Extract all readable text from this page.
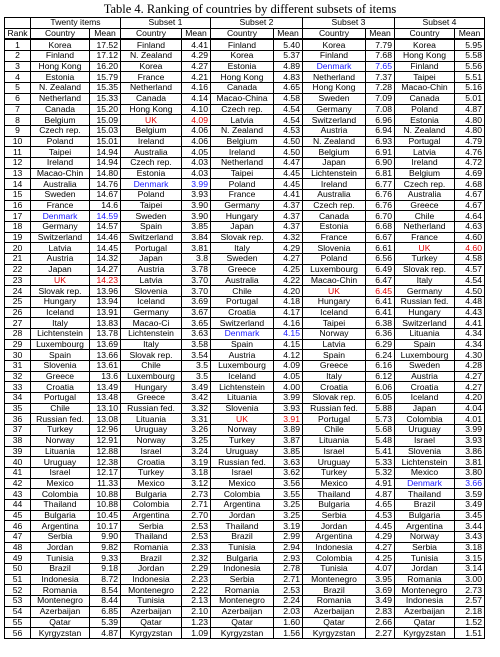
Table 4. Ranking of countries by different subsets of items
	Twenty items		Subset 1		Subset 2		Subset 3		Subset 4	
Rank	Country	Mean	Country	Mean	Country	Mean	Country	Mean	Country	Mean
1	Korea	17.52	Finland	4.41	Finland	5.40	Korea	7.79	Korea	5.95
2	Finland	17.12	N. Zealand	4.29	Korea	5.37	Finland	7.68	Hong Kong	5.58
3	Hong Kong	16.20	Korea	4.27	Estonia	4.89	Denmark	7.65	Finland	5.56
4	Estonia	15.79	France	4.21	Hong Kong	4.83	Netherland	7.37	Taipei	5.51
5	N. Zealand	15.35	Netherland	4.16	Canada	4.65	Hong Kong	7.28	Macao-Chin	5.16
6	Netherland	15.33	Canada	4.14	Macao-China	4.58	Sweden	7.09	Canada	5.01
7	Canada	15.20	Hong Kong	4.10	Czech rep.	4.54	Germany	7.08	Poland	4.87
8	Belgium	15.09	UK	4.09	Latvia	4.54	Switzerland	6.96	Estonia	4.80
9	Czech rep.	15.03	Belgium	4.06	N. Zealand	4.53	Austria	6.94	N. Zealand	4.80
10	Poland	15.01	Ireland	4.06	Belgium	4.50	N. Zealand	6.93	Portugal	4.79
11	Taipei	14.94	Australia	4.05	Ireland	4.50	Belgium	6.91	Latvia	4.76
12	Ireland	14.94	Czech rep.	4.03	Netherland	4.47	Japan	6.90	Ireland	4.72
13	Macao-Chin	14.80	Estonia	4.03	Taipei	4.45	Lichtenstein	6.81	Belgium	4.69
14	Australia	14.76	Denmark	3.99	Poland	4.45	Ireland	6.77	Czech rep.	4.68
15	Sweden	14.67	Poland	3.93	France	4.41	Australia	6.76	Australia	4.67
16	France	14.6	Taipei	3.90	Germany	4.37	Czech rep.	6.76	Greece	4.67
17	Denmark	14.59	Sweden	3.90	Hungary	4.37	Canada	6.70	Chile	4.64
18	Germany	14.57	Spain	3.85	Japan	4.37	Estonia	6.68	Netherland	4.63
19	Switzerland	14.46	Switzerland	3.84	Slovak rep.	4.32	France	6.67	France	4.60
20	Latvia	14.45	Portugal	3.81	Italy	4.29	Slovenia	6.61	UK	4.60
21	Austria	14.32	Japan	3.8	Sweden	4.27	Poland	6.56	Turkey	4.58
22	Japan	14.27	Austria	3.78	Greece	4.25	Luxembourg	6.49	Slovak rep.	4.57
23	UK	14.23	Latvia	3.70	Australia	4.22	Macao-Chin	6.47	Italy	4.54
24	Slovak rep.	13.96	Slovenia	3.70	Chile	4.20	UK	6.45	Germany	4.50
25	Hungary	13.94	Iceland	3.69	Portugal	4.18	Hungary	6.41	Russian fed.	4.48
26	Iceland	13.91	Germany	3.67	Croatia	4.17	Iceland	6.41	Hungary	4.43
27	Italy	13.83	Macao-Ci	3.65	Switzerland	4.16	Taipei	6.38	Switzerland	4.41
28	Lichtenstein	13.78	Lichtenstein	3.63	Denmark	4.15	Norway	6.36	Lituania	4.34
29	Luxembourg	13.69	Italy	3.58	Spain	4.15	Latvia	6.29	Spain	4.34
30	Spain	13.66	Slovak rep.	3.54	Austria	4.12	Spain	6.24	Luxembourg	4.30
31	Slovenia	13.61	Chile	3.5	Luxembourg	4.09	Greece	6.16	Sweden	4.28
32	Greece	13.6	Luxembourg	3.5	Iceland	4.05	Italy	6.12	Austria	4.27
33	Croatia	13.49	Hungary	3.49	Lichtenstein	4.00	Croatia	6.06	Croatia	4.27
34	Portugal	13.48	Greece	3.42	Lituania	3.99	Slovak rep.	6.05	Iceland	4.20
35	Chile	13.10	Russian fed.	3.32	Slovenia	3.93	Russian fed.	5.88	Japan	4.04
36	Russian fed.	13.08	Lituania	3.31	UK	3.91	Portugal	5.73	Colombia	4.01
37	Turkey	12.96	Uruguay	3.26	Norway	3.89	Chile	5.68	Uruguay	3.99
38	Norway	12.91	Norway	3.25	Turkey	3.87	Lituania	5.48	Israel	3.93
39	Lituania	12.88	Israel	3.24	Uruguay	3.85	Israel	5.41	Slovenia	3.86
40	Uruguay	12.38	Croatia	3.19	Russian fed.	3.63	Uruguay	5.33	Lichtenstein	3.81
41	Israel	12.17	Turkey	3.18	Israel	3.62	Turkey	5.32	Mexico	3.80
42	Mexico	11.33	Mexico	3.12	Mexico	3.56	Mexico	4.91	Denmark	3.66
43	Colombia	10.88	Bulgaria	2.73	Colombia	3.55	Thailand	4.87	Thailand	3.59
44	Thailand	10.88	Colombia	2.71	Argentina	3.25	Bulgaria	4.65	Brazil	3.49
45	Bulgaria	10.45	Argentina	2.70	Jordan	3.25	Serbia	4.53	Bulgaria	3.45
46	Argentina	10.17	Serbia	2.53	Thailand	3.19	Jordan	4.45	Argentina	3.44
47	Serbia	9.90	Thailand	2.53	Brazil	2.99	Argentina	4.29	Norway	3.43
48	Jordan	9.82	Romania	2.33	Tunisia	2.94	Indonesia	4.27	Serbia	3.18
49	Tunisia	9.33	Brazil	2.32	Bulgaria	2.93	Colombia	4.25	Tunisia	3.15
50	Brazil	9.18	Jordan	2.29	Indonesia	2.78	Tunisia	4.07	Jordan	3.14
51	Indonesia	8.72	Indonesia	2.23	Serbia	2.71	Montenegro	3.95	Romania	3.00
52	Romania	8.54	Montenegro	2.22	Romania	2.53	Brazil	3.69	Montenegro	2.73
53	Montenegro	8.44	Tunisia	2.13	Montenegro	2.24	Romania	3.49	Indonesia	2.57
54	Azerbaijan	6.85	Azerbaijan	2.10	Azerbaijan	2.03	Azerbaijan	2.83	Azerbaijan	2.18
55	Qatar	5.39	Qatar	1.23	Qatar	1.60	Qatar	2.66	Qatar	1.52
56	Kyrgyzstan	4.87	Kyrgyzstan	1.09	Kyrgyzstan	1.56	Kyrgyzstan	2.27	Kyrgyzstan	1.51
